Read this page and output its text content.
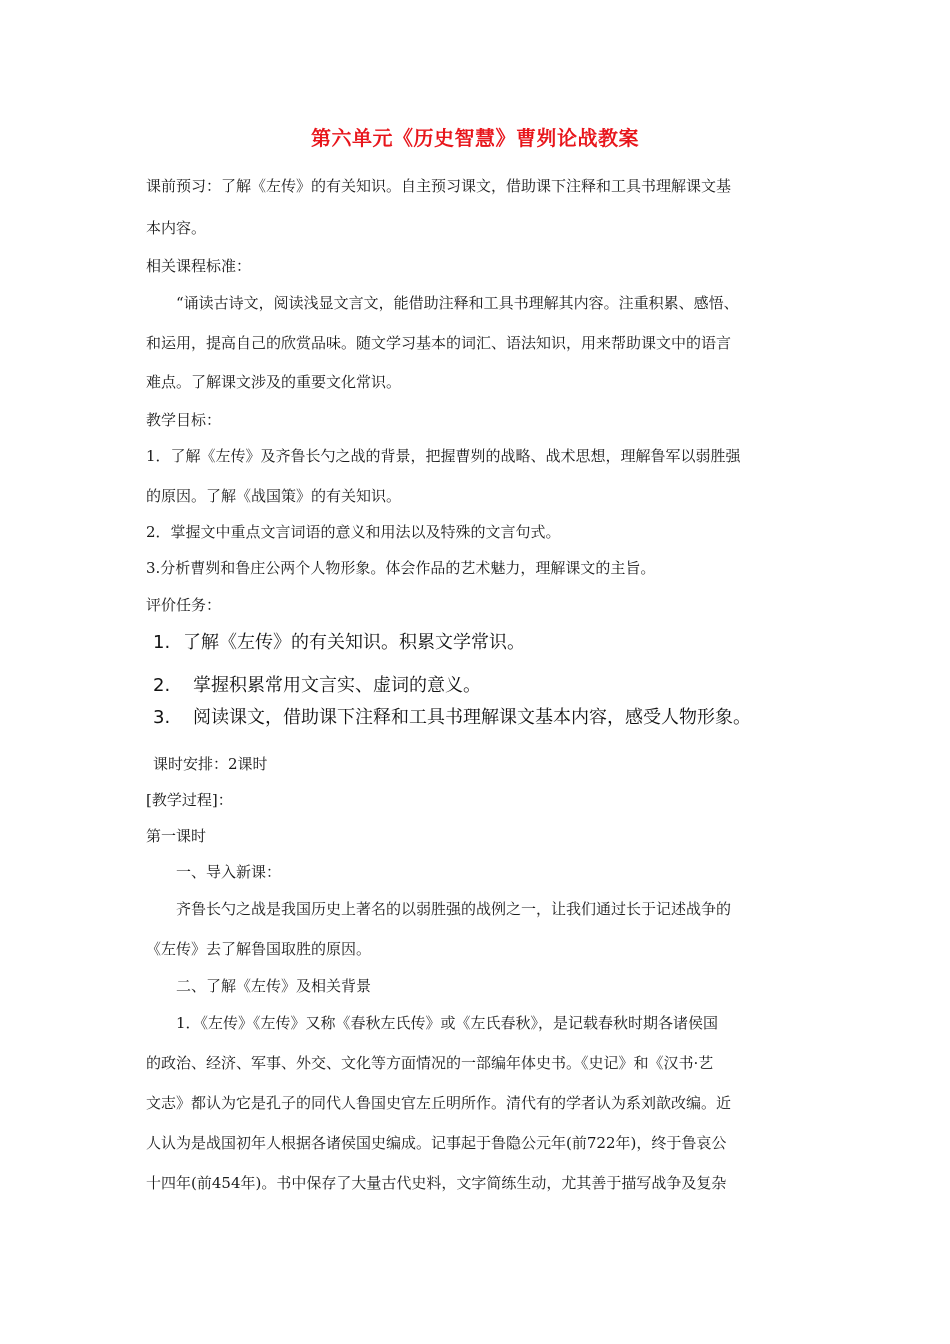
第六单元《历史智慧》曹刿论战教案
课前预习：了解《左传》的有关知识。自主预习课文，借助课下注释和工具书理解课文基
本内容。
相关课程标准：
“诵读古诗文，阅读浅显文言文，能借助注释和工具书理解其内容。注重积累、感悟、
和运用，提高自己的欣赏品味。随文学习基本的词汇、语法知识，用来帮助课文中的语言
难点。了解课文涉及的重要文化常识。
教学目标：
1．了解《左传》及齐鲁长勺之战的背景，把握曹刿的战略、战术思想，理解鲁军以弱胜强
的原因。了解《战国策》的有关知识。
2．掌握文中重点文言词语的意义和用法以及特殊的文言句式。
3.分析曹刿和鲁庄公两个人物形象。体会作品的艺术魅力，理解课文的主旨。
评价任务：
1. 了解《左传》的有关知识。积累文学常识。
2. 掌握积累常用文言实、虚词的意义。
3. 阅读课文，借助课下注释和工具书理解课文基本内容，感受人物形象。
课时安排：2课时
[教学过程]：
第一课时
一、导入新课：
齐鲁长勺之战是我国历史上著名的以弱胜强的战例之一，让我们通过长于记述战争的
《左传》去了解鲁国取胜的原因。
二、了解《左传》及相关背景
1．《左传》《左传》又称《春秋左氏传》或《左氏春秋》，是记载春秋时期各诸侯国
的政治、经济、军事、外交、文化等方面情况的一部编年体史书。《史记》和《汉书·艺
文志》都认为它是孔子的同代人鲁国史官左丘明所作。清代有的学者认为系刘歆改编。近
人认为是战国初年人根据各诸侯国史编成。记事起于鲁隐公元年(前722年)，终于鲁哀公
十四年(前454年)。书中保存了大量古代史料，文字简练生动，尤其善于描写战争及复杂
